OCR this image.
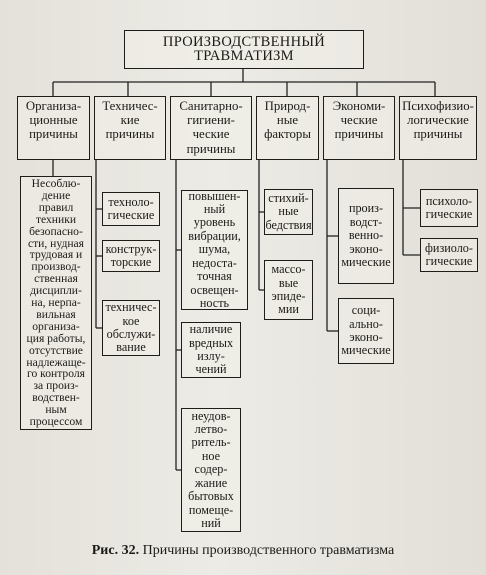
ПРОИЗВОДСТВЕННЫЙ ТРАВМАТИЗМ
Организа-
ционные
причины
Техничес-
кие
причины
Санитарно-
гигиени-
ческие
причины
Природ-
ные
факторы
Экономи-
ческие
причины
Психофизио-
логические
причины
Несоблю-
дение
правил
техники
безопасно-
сти, нудная
трудовая и
производ-
ственная
дисципли-
на, нерпа-
вильная
организа-
ция работы,
отсутствие
надлежаще-
го контроля
за произ-
водствен-
ным
процессом
техноло-
гические
конструк-
торские
техничес-
кое
обслужи-
вание
повышен-
ный
уровень
вибрации,
шума,
недоста-
точная
освещен-
ность
наличие
вредных
излу-
чений
неудов-
летво-
ритель-
ное
содер-
жание
бытовых
помеще-
ний
стихий-
ные
бедствия
массо-
вые
эпиде-
мии
произ-
водст-
венно-
эконо-
мические
соци-
ально-
эконо-
мические
психоло-
гические
физиоло-
гические
Рис. 32. Причины производственного травматизма
